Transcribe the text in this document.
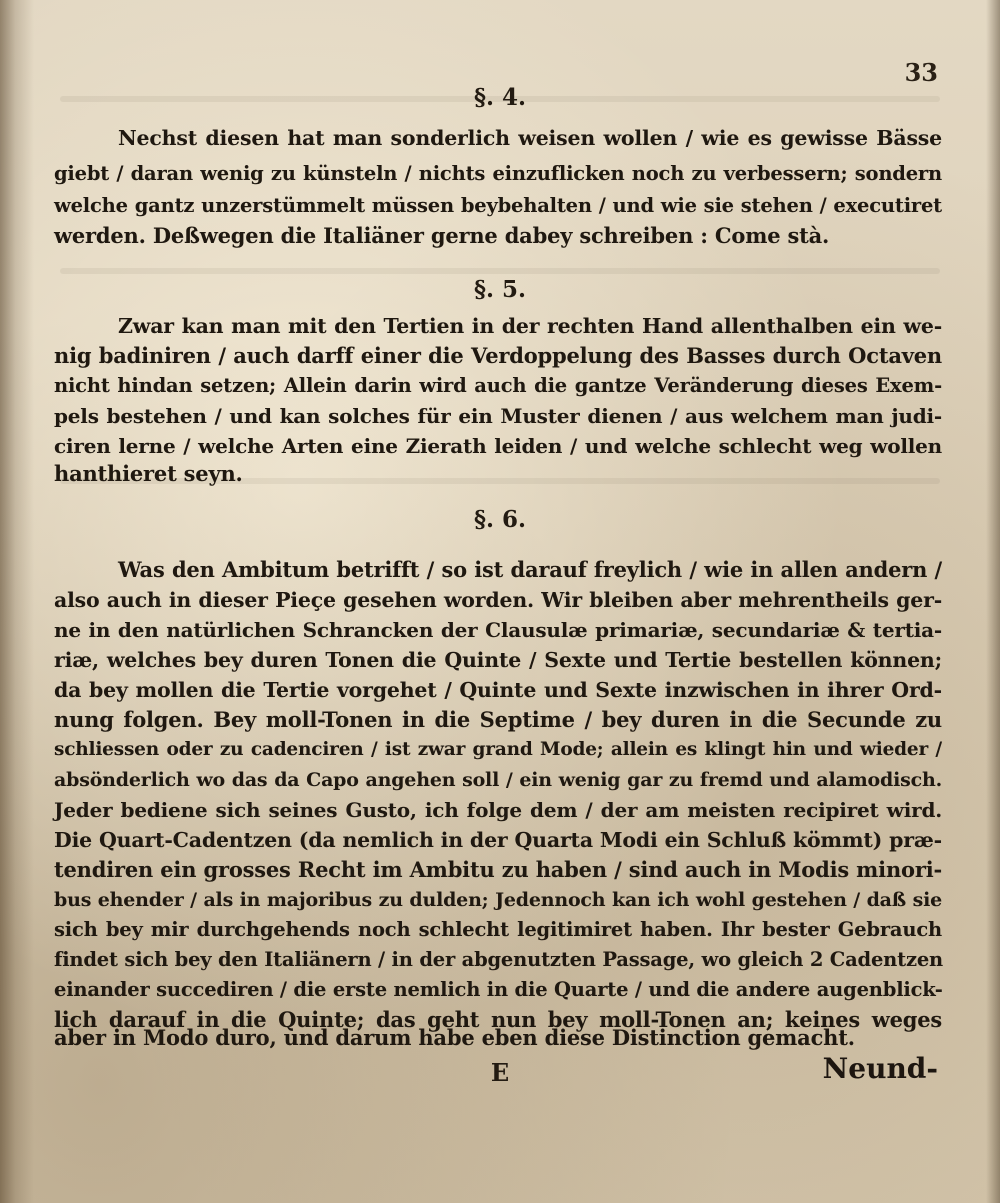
33
§. 4.
Nechst diesen hat man sonderlich weisen wollen / wie es gewisse Bässe
giebt / daran wenig zu künsteln / nichts einzuflicken noch zu verbessern; sondern
welche gantz unzerstümmelt müssen beybehalten / und wie sie stehen / executiret
werden. Deßwegen die Italiäner gerne dabey schreiben : Come stà.
§. 5.
Zwar kan man mit den Tertien in der rechten Hand allenthalben ein we-
nig badiniren / auch darff einer die Verdoppelung des Basses durch Octaven
nicht hindan setzen; Allein darin wird auch die gantze Veränderung dieses Exem-
pels bestehen / und kan solches für ein Muster dienen / aus welchem man judi-
ciren lerne / welche Arten eine Zierath leiden / und welche schlecht weg wollen
hanthieret seyn.
§. 6.
Was den Ambitum betrifft / so ist darauf freylich / wie in allen andern /
also auch in dieser Pieçe gesehen worden. Wir bleiben aber mehrentheils ger-
ne in den natürlichen Schrancken der Clausulæ primariæ, secundariæ & tertia-
riæ, welches bey duren Tonen die Quinte / Sexte und Tertie bestellen können;
da bey mollen die Tertie vorgehet / Quinte und Sexte inzwischen in ihrer Ord-
nung folgen. Bey moll-Tonen in die Septime / bey duren in die Secunde zu
schliessen oder zu cadenciren / ist zwar grand Mode; allein es klingt hin und wieder /
absönderlich wo das da Capo angehen soll / ein wenig gar zu fremd und alamodisch.
Jeder bediene sich seines Gusto, ich folge dem / der am meisten recipiret wird.
Die Quart-Cadentzen (da nemlich in der Quarta Modi ein Schluß kömmt) præ-
tendiren ein grosses Recht im Ambitu zu haben / sind auch in Modis minori-
bus ehender / als in majoribus zu dulden; Jedennoch kan ich wohl gestehen / daß sie
sich bey mir durchgehends noch schlecht legitimiret haben. Ihr bester Gebrauch
findet sich bey den Italiänern / in der abgenutzten Passage, wo gleich 2 Cadentzen
einander succediren / die erste nemlich in die Quarte / und die andere augenblick-
lich darauf in die Quinte; das geht nun bey moll-Tonen an; keines weges
aber in Modo duro, und darum habe eben diese Distinction gemacht.
E	Neund-
